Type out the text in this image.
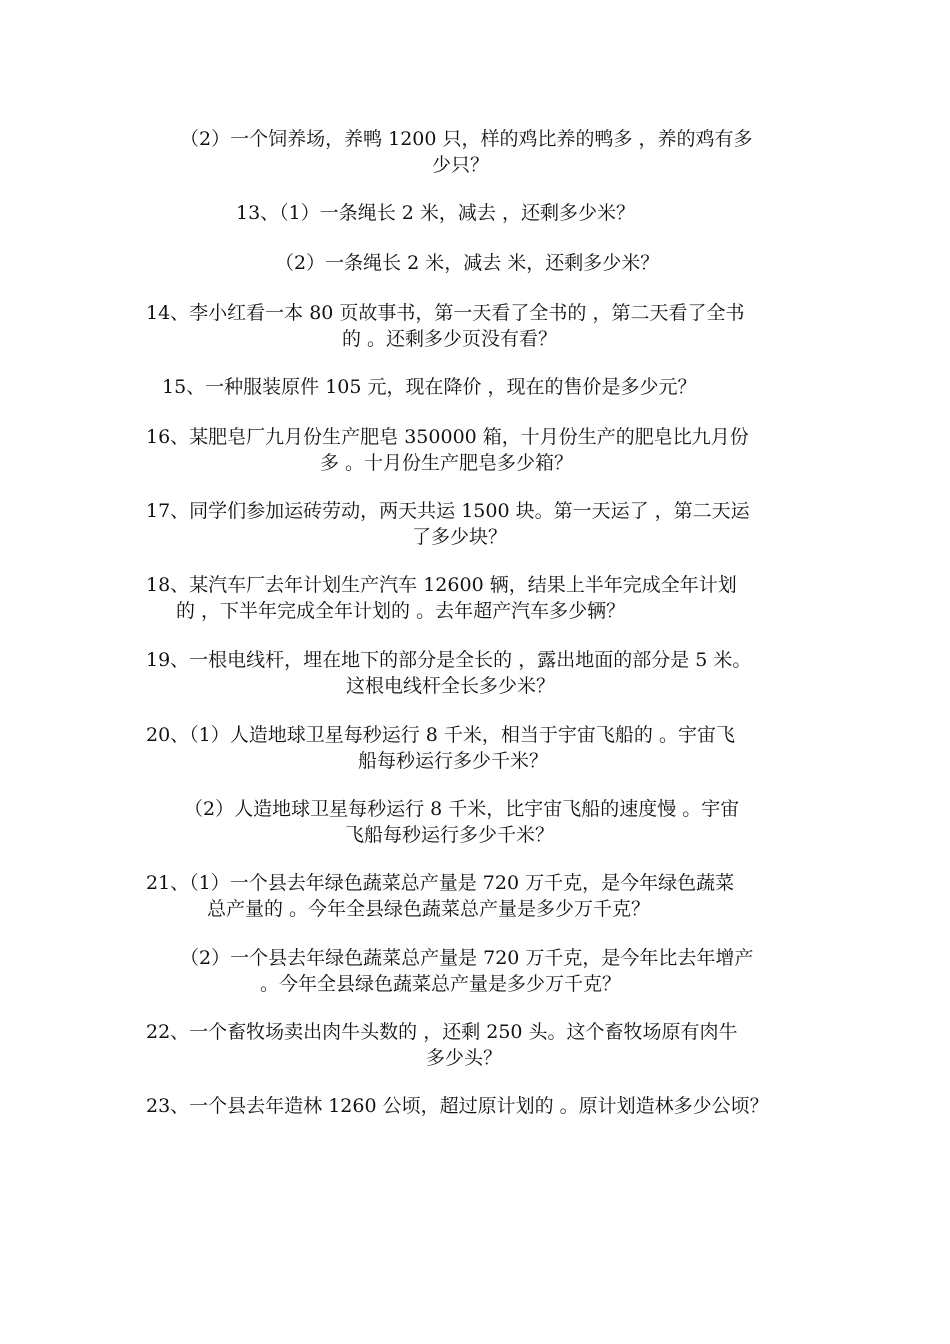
（2）一个饲养场，养鸭 1200 只，样的鸡比养的鸭多 ，养的鸡有多
少只？
13、（1）一条绳长 2 米，减去 ，还剩多少米？
（2）一条绳长 2 米，减去 米，还剩多少米？
14、李小红看一本 80 页故事书，第一天看了全书的 ，第二天看了全书
的 。还剩多少页没有看？
15、一种服装原件 105 元，现在降价 ，现在的售价是多少元？
16、某肥皂厂九月份生产肥皂 350000 箱，十月份生产的肥皂比九月份
多 。十月份生产肥皂多少箱？
17、同学们参加运砖劳动，两天共运 1500 块。第一天运了 ，第二天运
了多少块？
18、某汽车厂去年计划生产汽车 12600 辆，结果上半年完成全年计划
的 ，下半年完成全年计划的 。去年超产汽车多少辆？
19、一根电线杆，埋在地下的部分是全长的 ，露出地面的部分是 5 米。
这根电线杆全长多少米？
20、（1）人造地球卫星每秒运行 8 千米，相当于宇宙飞船的 。宇宙飞
船每秒运行多少千米？
（2）人造地球卫星每秒运行 8 千米，比宇宙飞船的速度慢 。宇宙
飞船每秒运行多少千米？
21、（1）一个县去年绿色蔬菜总产量是 720 万千克，是今年绿色蔬菜
总产量的 。今年全县绿色蔬菜总产量是多少万千克？
（2）一个县去年绿色蔬菜总产量是 720 万千克，是今年比去年增产
。今年全县绿色蔬菜总产量是多少万千克？
22、一个畜牧场卖出肉牛头数的 ，还剩 250 头。这个畜牧场原有肉牛
多少头？
23、一个县去年造林 1260 公顷，超过原计划的 。原计划造林多少公顷？
